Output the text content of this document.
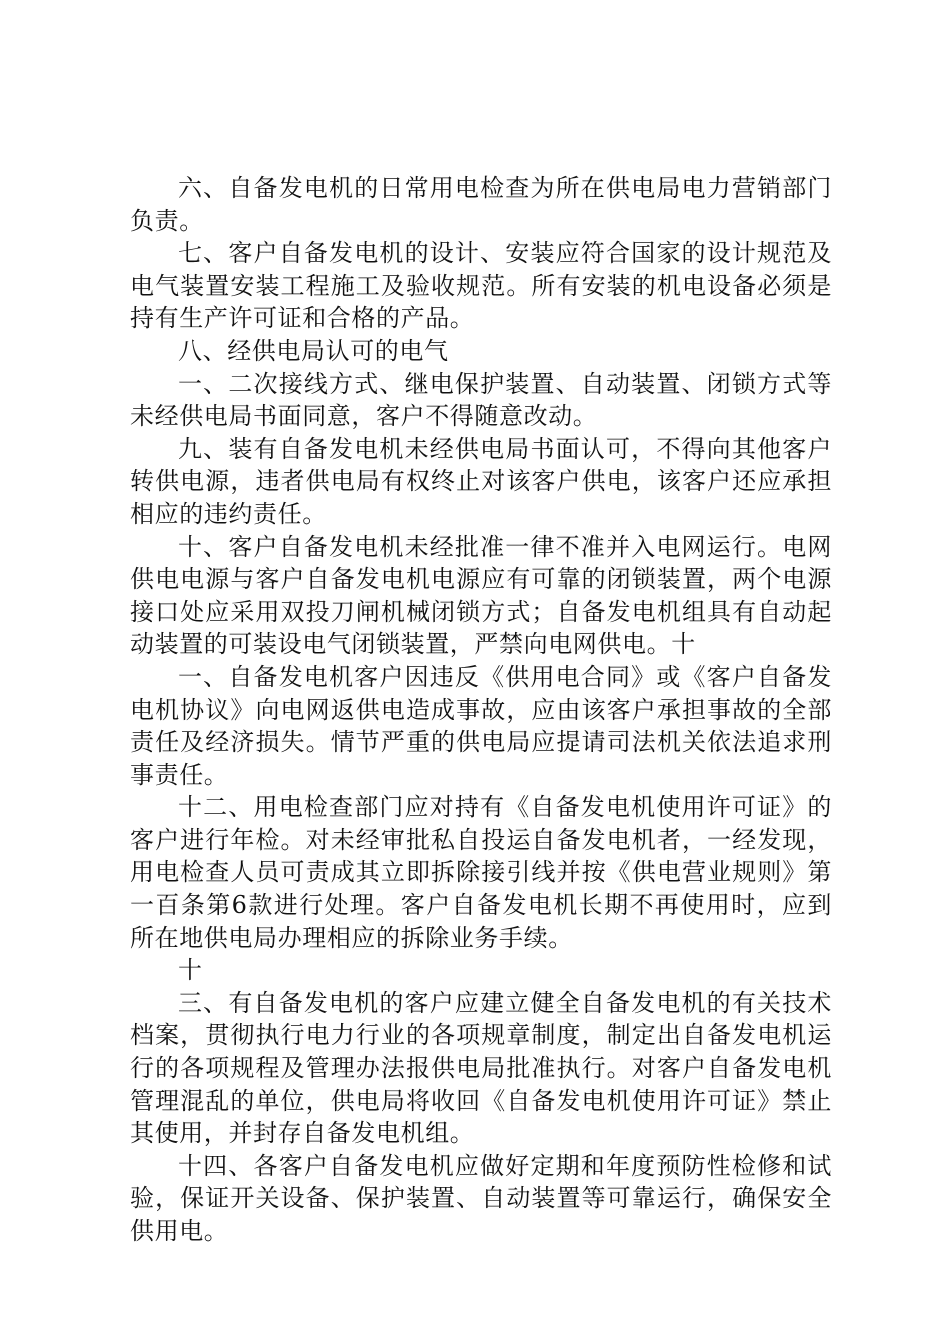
六、自备发电机的日常用电检查为所在供电局电力营销部门负责。

七、客户自备发电机的设计、安装应符合国家的设计规范及电气装置安装工程施工及验收规范。所有安装的机电设备必须是持有生产许可证和合格的产品。

八、经供电局认可的电气

一、二次接线方式、继电保护装置、自动装置、闭锁方式等未经供电局书面同意，客户不得随意改动。

九、装有自备发电机未经供电局书面认可，不得向其他客户转供电源，违者供电局有权终止对该客户供电，该客户还应承担相应的违约责任。

十、客户自备发电机未经批准一律不准并入电网运行。电网供电电源与客户自备发电机电源应有可靠的闭锁装置，两个电源接口处应采用双投刀闸机械闭锁方式；自备发电机组具有自动起动装置的可装设电气闭锁装置，严禁向电网供电。十

一、自备发电机客户因违反《供用电合同》或《客户自备发电机协议》向电网返供电造成事故，应由该客户承担事故的全部责任及经济损失。情节严重的供电局应提请司法机关依法追求刑事责任。

十二、用电检查部门应对持有《自备发电机使用许可证》的客户进行年检。对未经审批私自投运自备发电机者，一经发现，用电检查人员可责成其立即拆除接引线并按《供电营业规则》第一百条第6款进行处理。客户自备发电机长期不再使用时，应到所在地供电局办理相应的拆除业务手续。

十

三、有自备发电机的客户应建立健全自备发电机的有关技术档案，贯彻执行电力行业的各项规章制度，制定出自备发电机运行的各项规程及管理办法报供电局批准执行。对客户自备发电机管理混乱的单位，供电局将收回《自备发电机使用许可证》禁止其使用，并封存自备发电机组。

十四、各客户自备发电机应做好定期和年度预防性检修和试验，保证开关设备、保护装置、自动装置等可靠运行，确保安全供用电。
